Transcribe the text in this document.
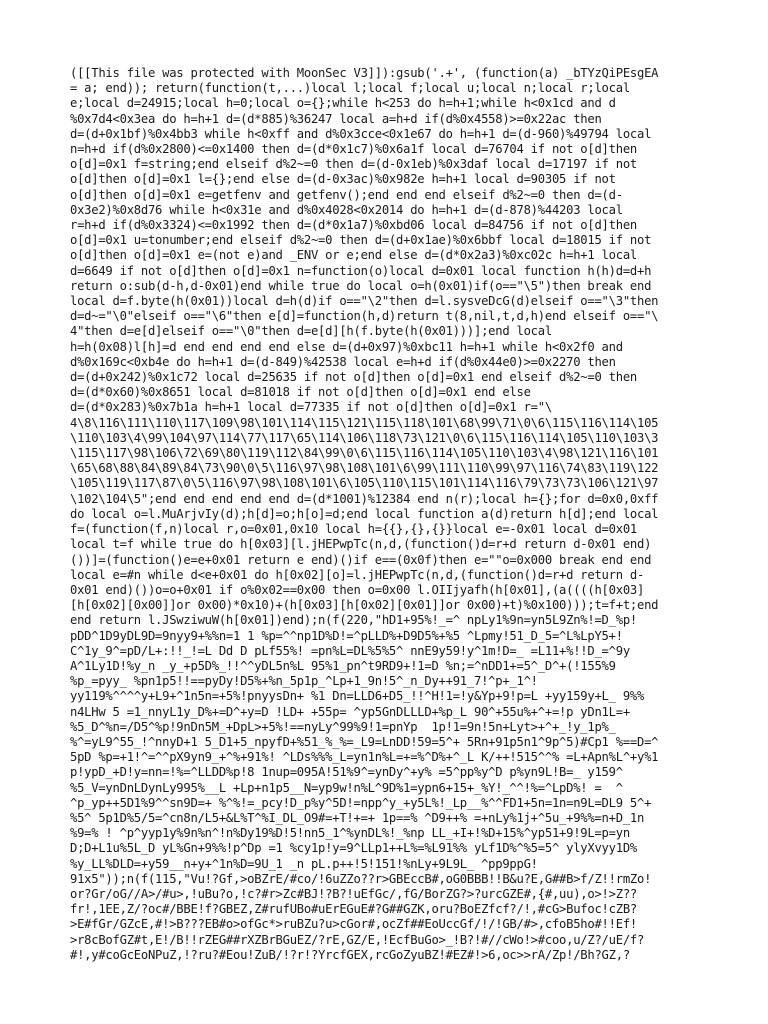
([[This file was protected with MoonSec V3]]):gsub('.+', (function(a) _bTYzQiPEsgEA
= a; end)); return(function(t,...)local l;local f;local u;local n;local r;local
e;local d=24915;local h=0;local o={};while h<253 do h=h+1;while h<0x1cd and d
%0x7d4<0x3ea do h=h+1 d=(d*885)%36247 local a=h+d if(d%0x4558)>=0x22ac then
d=(d+0x1bf)%0x4bb3 while h<0xff and d%0x3cce<0x1e67 do h=h+1 d=(d-960)%49794 local
n=h+d if(d%0x2800)<=0x1400 then d=(d*0x1c7)%0x6a1f local d=76704 if not o[d]then
o[d]=0x1 f=string;end elseif d%2~=0 then d=(d-0x1eb)%0x3daf local d=17197 if not
o[d]then o[d]=0x1 l={};end else d=(d-0x3ac)%0x982e h=h+1 local d=90305 if not
o[d]then o[d]=0x1 e=getfenv and getfenv();end end end elseif d%2~=0 then d=(d-
0x3e2)%0x8d76 while h<0x31e and d%0x4028<0x2014 do h=h+1 d=(d-878)%44203 local
r=h+d if(d%0x3324)<=0x1992 then d=(d*0x1a7)%0xbd06 local d=84756 if not o[d]then
o[d]=0x1 u=tonumber;end elseif d%2~=0 then d=(d+0x1ae)%0x6bbf local d=18015 if not
o[d]then o[d]=0x1 e=(not e)and _ENV or e;end else d=(d*0x2a3)%0xc02c h=h+1 local
d=6649 if not o[d]then o[d]=0x1 n=function(o)local d=0x01 local function h(h)d=d+h
return o:sub(d-h,d-0x01)end while true do local o=h(0x01)if(o=="\5")then break end
local d=f.byte(h(0x01))local d=h(d)if o=="\2"then d=l.sysveDcG(d)elseif o=="\3"then
d=d~="\0"elseif o=="\6"then e[d]=function(h,d)return t(8,nil,t,d,h)end elseif o=="\
4"then d=e[d]elseif o=="\0"then d=e[d][h(f.byte(h(0x01)))];end local
h=h(0x08)l[h]=d end end end end else d=(d+0x97)%0xbc11 h=h+1 while h<0x2f0 and
d%0x169c<0xb4e do h=h+1 d=(d-849)%42538 local e=h+d if(d%0x44e0)>=0x2270 then
d=(d+0x242)%0x1c72 local d=25635 if not o[d]then o[d]=0x1 end elseif d%2~=0 then
d=(d*0x60)%0x8651 local d=81018 if not o[d]then o[d]=0x1 end else
d=(d*0x283)%0x7b1a h=h+1 local d=77335 if not o[d]then o[d]=0x1 r="\
4\8\116\111\110\117\109\98\101\114\115\121\115\118\101\68\99\71\0\6\115\116\114\105
\110\103\4\99\104\97\114\77\117\65\114\106\118\73\121\0\6\115\116\114\105\110\103\3
\115\117\98\106\72\69\80\119\112\84\99\0\6\115\116\114\105\110\103\4\98\121\116\101
\65\68\88\84\89\84\73\90\0\5\116\97\98\108\101\6\99\111\110\99\97\116\74\83\119\122
\105\119\117\87\0\5\116\97\98\108\101\6\105\110\115\101\114\116\79\73\73\106\121\97
\102\104\5";end end end end end d=(d*1001)%12384 end n(r);local h={};for d=0x0,0xff
do local o=l.MuArjvIy(d);h[d]=o;h[o]=d;end local function a(d)return h[d];end local
f=(function(f,n)local r,o=0x01,0x10 local h={{},{},{}}local e=-0x01 local d=0x01
local t=f while true do h[0x03][l.jHEPwpTc(n,d,(function()d=r+d return d-0x01 end)
())]=(function()e=e+0x01 return e end)()if e==(0x0f)then e=""o=0x000 break end end
local e=#n while d<e+0x01 do h[0x02][o]=l.jHEPwpTc(n,d,(function()d=r+d return d-
0x01 end)())o=o+0x01 if o%0x02==0x00 then o=0x00 l.OIIjyafh(h[0x01],(a((((h[0x03]
[h[0x02][0x00]]or 0x00)*0x10)+(h[0x03][h[0x02][0x01]]or 0x00)+t)%0x100)));t=f+t;end
end return l.JSwziwuW(h[0x01])end);n(f(220,"hD1+95%!_=^ npLy1%9n=yn5L9Zn%!=D_%p!
pDD^1D9yDL9D=9nyy9+%%n=1 1 %p=^^np1D%D!=^pLLD%+D9D5%+%5 ^Lpmy!51_D_5=^L%LpY5+!
C^1y_9^=pD/L+:!!_!=L Dd D pLf55%! =pn%L=DL%5%5^ nnE9y59!y^1m!D=_ =L11+%!!D_=^9y
A^1Ly1D!%y_n _y_+p5D%_!!^^yDL5n%L 95%1_pn^t9RD9+!1=D %n;=^nDD1+=5^_D^+(!155%9
%p_=pyy_ %pn1p5!!==pyDy!D5%+%n_5p1p_^Lp+1_9n!5^_n_Dy++91_7!^p+_1^!
yy119%^^^^y+L9+^1n5n=+5%!pnyysDn+ %1 Dn=LLD6+D5_!!^H!1=!y&Yp+9!p=L +yy159y+L_ 9%%
n4LHw 5 =1_nnyL1y_D%+=D^+y=D !LD+ +55p= ^yp5GnDLLLD+%p_L 90^+55u%+^+=!p yDn1L=+
%5_D^%n=/D5^%p!9nDn5M_+DpL>+5%!==nyLy^99%9!1=pnYp  1p!1=9n!5n+Lyt>+^+_!y_1p%_
%^=yL9^55_!^nnyD+1 5_D1+5_npyfD+%51_%_%=_L9=LnDD!59=5^+ 5Rn+91p5n1^9p^5)#Cp1 %==D=^
5pD %p=+1!^=^^pX9yn9_+^%+91%! ^LDs%%%_L=yn1n%L=+=%^D%+^_L K/++!515^^% =L+Apn%L^+y%1
p!ypD_+D!y=nn=!%=^LLDD%p!8 1nup=095A!51%9^=ynDy^+y% =5^pp%y^D p%yn9L!B=_ y159^
%5_V=ynDnLDynLy995%__L +Lp+n1p5__N=yp9w!n%L^9D%1=ypn6+15+_%Y!_^^!%=^LpD%! =  ^
^p_yp++5D1%9^^sn9D=+ %^%!=_pcy!D_p%y^5D!=npp^y_+y5L%!_Lp__%^^FD1+5n=1n=n9L=DL9 5^+
%5^ 5p1D%5/5=^cn8n/L5+&L%T^%I_DL_O9#=+T!+=+ 1p==% ^D9++% =+nLy%1j+^5u_+9%%=n+D_1n
%9=% ! ^p^yyp1y%9n%n^!n%Dy19%D!5!nn5_1^%ynDL%!_%np LL_+I+!%D+15%^yp51+9!9L=p=yn
D;D+L1u%5L_D yL%Gn+9%%!p^Dp =1 %cy1p!y=9^LLp1++L%=%L91%% yLf1D%^%5=5^ ylyXvyy1D%
%y_LL%DLD=+y59__n+y+^1n%D=9U_1 _n pL.p++!5!151!%nLy+9L9L_ ^pp9ppG!
91x5"));n(f(115,"Vu!?Gf,>oBZrE/#co/!6uZZo??r>GBEccB#,oG0BBB!!B&u?E,G##B>f/Z!!rmZo!
or?Gr/oG//A>/#u>,!uBu?o,!c?#r>Zc#BJ!?B?!uEfGc/,fG/BorZG?>?urcGZE#,{#,uu),o>!>Z??
fr!,1EE,Z/?oc#/BBE!f?GBEZ,Z#rufUBo#uErEGuE#?G##GZK,oru?BoEZfcf?/!,#cG>Bufoc!cZB?
>E#fGr/GZcE,#!>B???EB#o>ofGc*>ruBZu?u>cGor#,ocZf##EoUccGf/!/!GB/#>,cfoB5ho#!!Ef!
>r8cBofGZ#t,E!/B!!rZEG##rXZBrBGuEZ/?rE,GZ/E,!EcfBuGo>_!B?!#//cWo!>#coo,u/Z?/uE/f?
#!,y#coGcEoNPuZ,!?ru?#Eou!ZuB/!?r!?YrcfGEX,rcGoZyuBZ!#EZ#!>6,oc>>rA/Zp!/Bh?GZ,?
